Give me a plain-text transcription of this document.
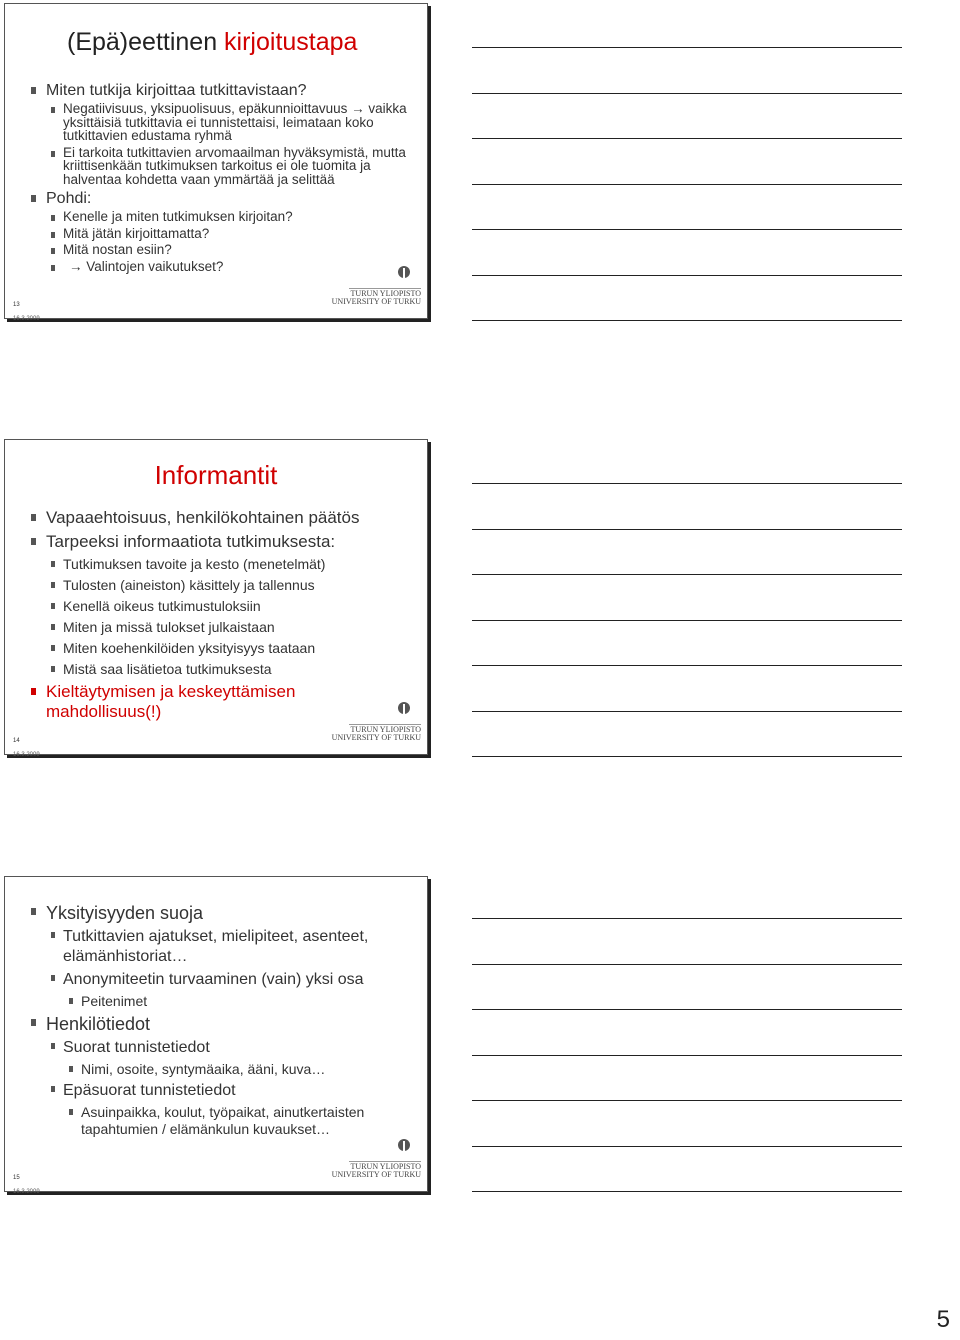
(Epä)eettinen kirjoitustapa
Miten tutkija kirjoittaa tutkittavistaan?
Negatiivisuus, yksipuolisuus, epäkunnioittavuus → vaikka yksittäisiä tutkittavia ei tunnistettaisi, leimataan koko tutkittavien edustama ryhmä
Ei tarkoita tutkittavien arvomaailman hyväksymistä, mutta kriittisenkään tutkimuksen tarkoitus ei ole tuomita ja halventaa kohdetta vaan ymmärtää ja selittää
Pohdi:
Kenelle ja miten tutkimuksen kirjoitan?
Mitä jätän kirjoittamatta?
Mitä nostan esiin?
→ Valintojen vaikutukset?
TURUN YLIOPISTO
UNIVERSITY OF TURKU
13
16.3.2009
Informantit
Vapaaehtoisuus, henkilökohtainen päätös
Tarpeeksi informaatiota tutkimuksesta:
Tutkimuksen tavoite ja kesto (menetelmät)
Tulosten (aineiston) käsittely ja tallennus
Kenellä oikeus tutkimustuloksiin
Miten ja missä tulokset julkaistaan
Miten koehenkilöiden yksityisyys taataan
Mistä saa lisätietoa tutkimuksesta
Kieltäytymisen ja keskeyttämisen mahdollisuus(!)
TURUN YLIOPISTO
UNIVERSITY OF TURKU
14
16.3.2009
Yksityisyyden suoja
Tutkittavien ajatukset, mielipiteet, asenteet, elämänhistoriat…
Anonymiteetin turvaaminen (vain) yksi osa
Peitenimet
Henkilötiedot
Suorat tunnistetiedot
Nimi, osoite, syntymäaika, ääni, kuva…
Epäsuorat tunnistetiedot
Asuinpaikka, koulut, työpaikat, ainutkertaisten tapahtumien / elämänkulun kuvaukset…
TURUN YLIOPISTO
UNIVERSITY OF TURKU
15
16.3.2009
5
